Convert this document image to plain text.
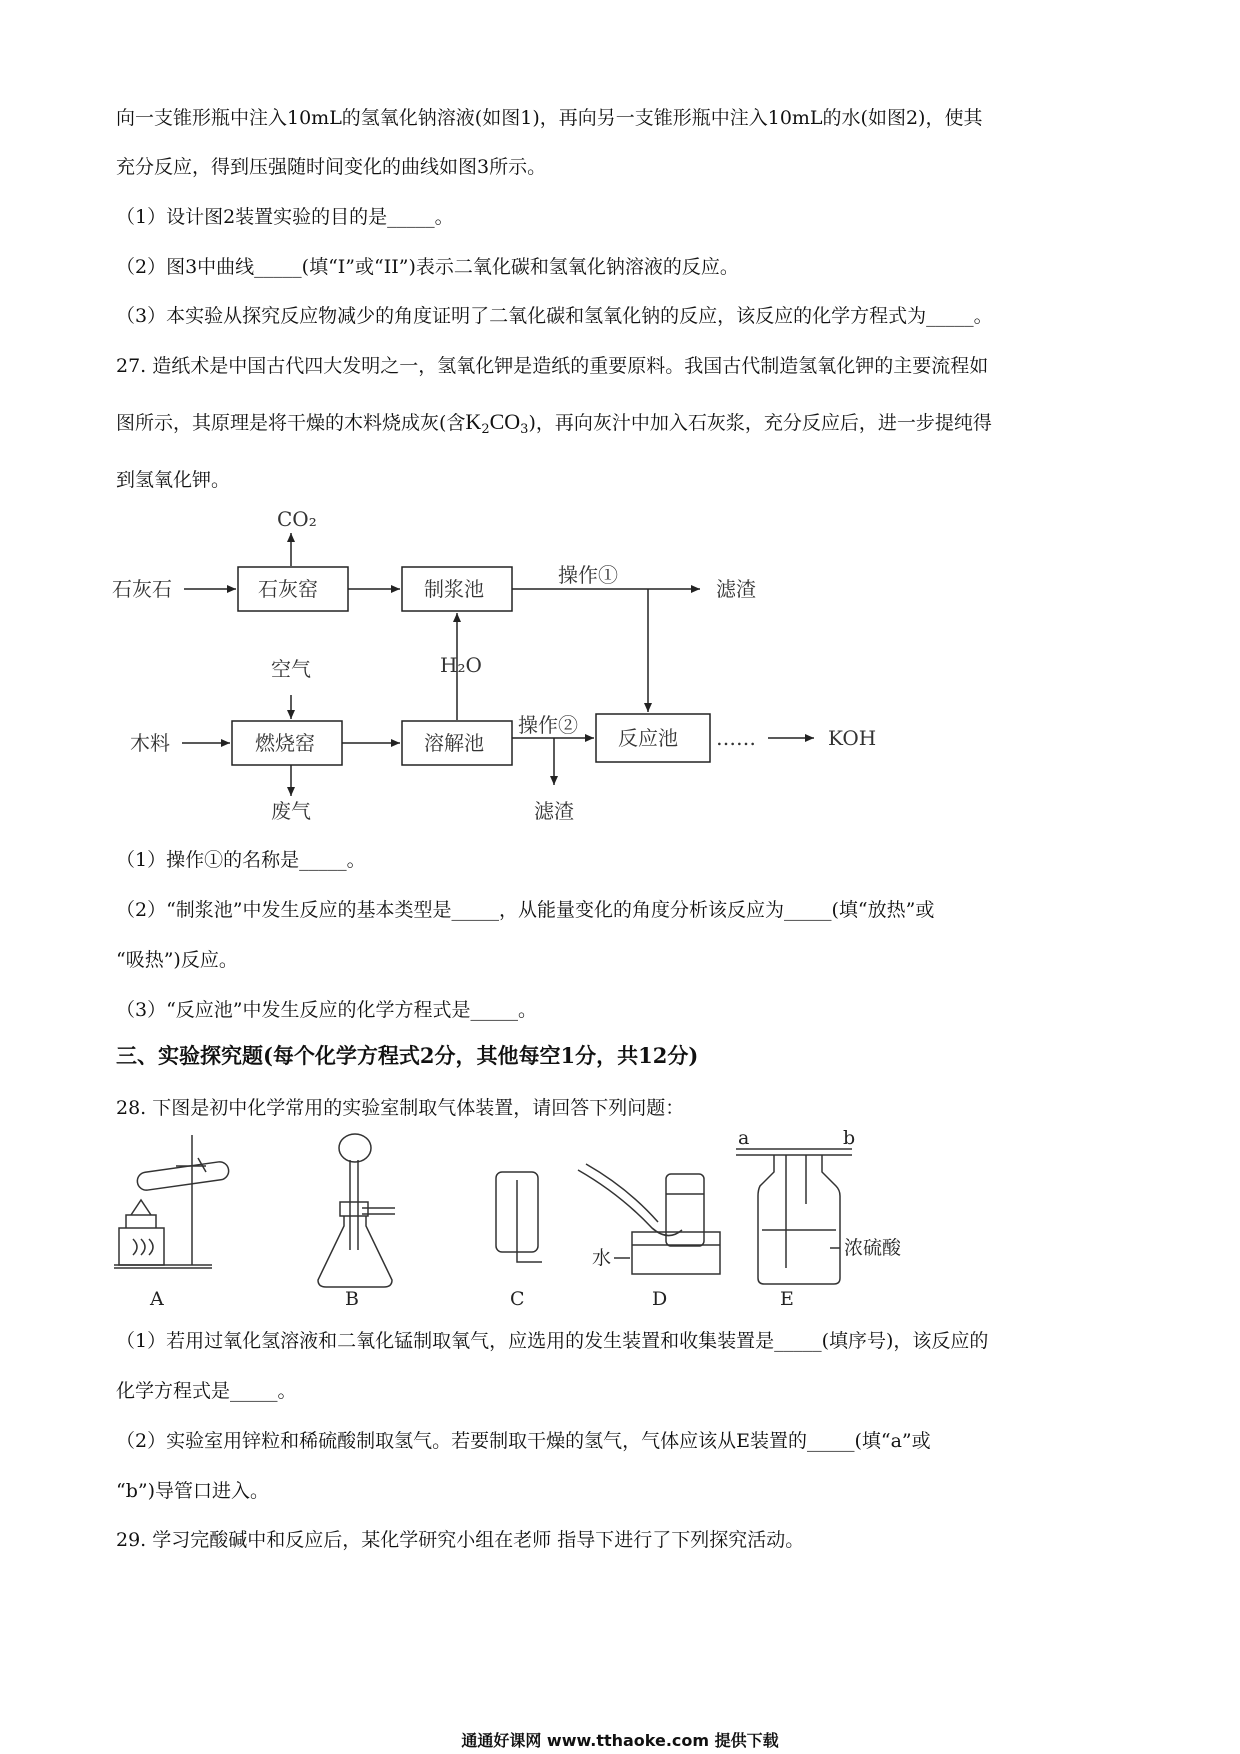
向一支锥形瓶中注入10mL的氢氧化钠溶液(如图1)，再向另一支锥形瓶中注入10mL的水(如图2)，使其
充分反应，得到压强随时间变化的曲线如图3所示。
（1）设计图2装置实验的目的是_____。
（2）图3中曲线_____(填“I”或“II”)表示二氧化碳和氢氧化钠溶液的反应。
（3）本实验从探究反应物减少的角度证明了二氧化碳和氢氧化钠的反应，该反应的化学方程式为_____。
27. 造纸术是中国古代四大发明之一，氢氧化钾是造纸的重要原料。我国古代制造氢氧化钾的主要流程如
图所示，其原理是将干燥的木料烧成灰(含$K_2CO_3$)，再向灰汁中加入石灰浆，充分反应后，进一步提纯得
到氢氧化钾。
CO₂
石灰石	石灰窑	制浆池
操作①
滤渣
空气	H₂O
木料	燃烧窑	溶解池
操作②
反应池 ……	KOH
废气	滤渣
（1）操作①的名称是_____。
（2）“制浆池”中发生反应的基本类型是_____，从能量变化的角度分析该反应为_____(填“放热”或
“吸热”)反应。
（3）“反应池”中发生反应的化学方程式是_____。
三、实验探究题(每个化学方程式2分，其他每空1分，共12分)
28. 下图是初中化学常用的实验室制取气体装置，请回答下列问题：
A	B	C	D	E
水	浓硫酸
a	b
（1）若用过氧化氢溶液和二氧化锰制取氧气，应选用的发生装置和收集装置是_____(填序号)，该反应的
化学方程式是_____。
（2）实验室用锌粒和稀硫酸制取氢气。若要制取干燥的氢气，气体应该从E装置的_____(填“a”或
“b”)导管口进入。
29. 学习完酸碱中和反应后，某化学研究小组在老师 指导下进行了下列探究活动。
通通好课网 www.tthaoke.com 提供下载
